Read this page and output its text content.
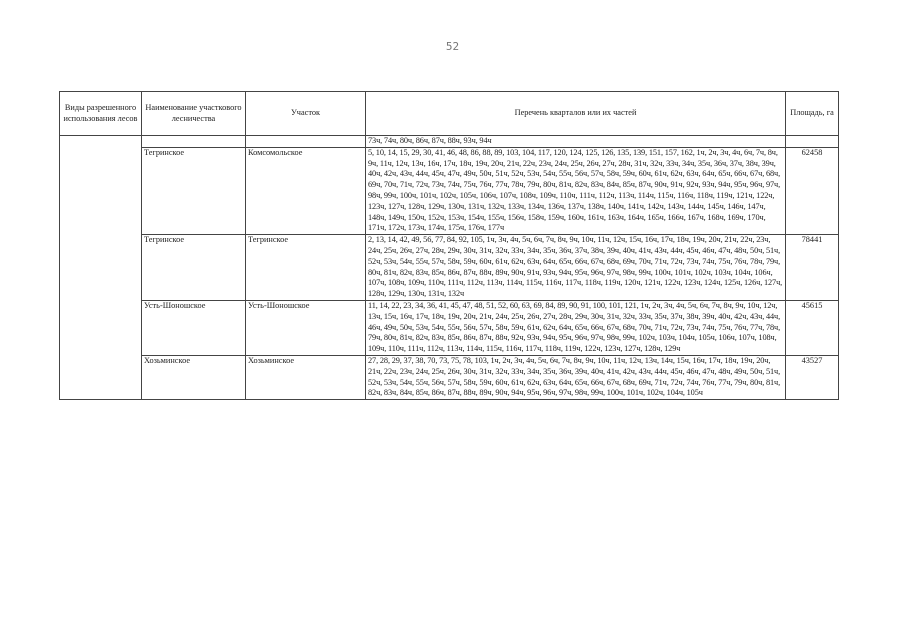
52
Виды разрешенного использования лесов	Наименование участкового лесничества	Участок	Перечень кварталов или их частей	Площадь, га
			73ч, 74ч, 80ч, 86ч, 87ч, 88ч, 93ч, 94ч	
	Тегринское	Комсомольское	5, 10, 14, 15, 29, 30, 41, 46, 48, 86, 88, 89, 103, 104, 117, 120, 124, 125, 126, 135, 139, 151, 157, 162, 1ч, 2ч, 3ч, 4ч, 6ч, 7ч, 8ч, 9ч, 11ч, 12ч, 13ч, 16ч, 17ч, 18ч, 19ч, 20ч, 21ч, 22ч, 23ч, 24ч, 25ч, 26ч, 27ч, 28ч, 31ч, 32ч, 33ч, 34ч, 35ч, 36ч, 37ч, 38ч, 39ч, 40ч, 42ч, 43ч, 44ч, 45ч, 47ч, 49ч, 50ч, 51ч, 52ч, 53ч, 54ч, 55ч, 56ч, 57ч, 58ч, 59ч, 60ч, 61ч, 62ч, 63ч, 64ч, 65ч, 66ч, 67ч, 68ч, 69ч, 70ч, 71ч, 72ч, 73ч, 74ч, 75ч, 76ч, 77ч, 78ч, 79ч, 80ч, 81ч, 82ч, 83ч, 84ч, 85ч, 87ч, 90ч, 91ч, 92ч, 93ч, 94ч, 95ч, 96ч, 97ч, 98ч, 99ч, 100ч, 101ч, 102ч, 105ч, 106ч, 107ч, 108ч, 109ч, 110ч, 111ч, 112ч, 113ч, 114ч, 115ч, 116ч, 118ч, 119ч, 121ч, 122ч, 123ч, 127ч, 128ч, 129ч, 130ч, 131ч, 132ч, 133ч, 134ч, 136ч, 137ч, 138ч, 140ч, 141ч, 142ч, 143ч, 144ч, 145ч, 146ч, 147ч, 148ч, 149ч, 150ч, 152ч, 153ч, 154ч, 155ч, 156ч, 158ч, 159ч, 160ч, 161ч, 163ч, 164ч, 165ч, 166ч, 167ч, 168ч, 169ч, 170ч, 171ч, 172ч, 173ч, 174ч, 175ч, 176ч, 177ч	62458
	Тегринское	Тегринское	2, 13, 14, 42, 49, 56, 77, 84, 92, 105, 1ч, 3ч, 4ч, 5ч, 6ч, 7ч, 8ч, 9ч, 10ч, 11ч, 12ч, 15ч, 16ч, 17ч, 18ч, 19ч, 20ч, 21ч, 22ч, 23ч, 24ч, 25ч, 26ч, 27ч, 28ч, 29ч, 30ч, 31ч, 32ч, 33ч, 34ч, 35ч, 36ч, 37ч, 38ч, 39ч, 40ч, 41ч, 43ч, 44ч, 45ч, 46ч, 47ч, 48ч, 50ч, 51ч, 52ч, 53ч, 54ч, 55ч, 57ч, 58ч, 59ч, 60ч, 61ч, 62ч, 63ч, 64ч, 65ч, 66ч, 67ч, 68ч, 69ч, 70ч, 71ч, 72ч, 73ч, 74ч, 75ч, 76ч, 78ч, 79ч, 80ч, 81ч, 82ч, 83ч, 85ч, 86ч, 87ч, 88ч, 89ч, 90ч, 91ч, 93ч, 94ч, 95ч, 96ч, 97ч, 98ч, 99ч, 100ч, 101ч, 102ч, 103ч, 104ч, 106ч, 107ч, 108ч, 109ч, 110ч, 111ч, 112ч, 113ч, 114ч, 115ч, 116ч, 117ч, 118ч, 119ч, 120ч, 121ч, 122ч, 123ч, 124ч, 125ч, 126ч, 127ч, 128ч, 129ч, 130ч, 131ч, 132ч	78441
	Усть-Шоношское	Усть-Шоношское	11, 14, 22, 23, 34, 36, 41, 45, 47, 48, 51, 52, 60, 63, 69, 84, 89, 90, 91, 100, 101, 121, 1ч, 2ч, 3ч, 4ч, 5ч, 6ч, 7ч, 8ч, 9ч, 10ч, 12ч, 13ч, 15ч, 16ч, 17ч, 18ч, 19ч, 20ч, 21ч, 24ч, 25ч, 26ч, 27ч, 28ч, 29ч, 30ч, 31ч, 32ч, 33ч, 35ч, 37ч, 38ч, 39ч, 40ч, 42ч, 43ч, 44ч, 46ч, 49ч, 50ч, 53ч, 54ч, 55ч, 56ч, 57ч, 58ч, 59ч, 61ч, 62ч, 64ч, 65ч, 66ч, 67ч, 68ч, 70ч, 71ч, 72ч, 73ч, 74ч, 75ч, 76ч, 77ч, 78ч, 79ч, 80ч, 81ч, 82ч, 83ч, 85ч, 86ч, 87ч, 88ч, 92ч, 93ч, 94ч, 95ч, 96ч, 97ч, 98ч, 99ч, 102ч, 103ч, 104ч, 105ч, 106ч, 107ч, 108ч, 109ч, 110ч, 111ч, 112ч, 113ч, 114ч, 115ч, 116ч, 117ч, 118ч, 119ч, 122ч, 123ч, 127ч, 128ч, 129ч	45615
	Хозьминское	Хозьминское	27, 28, 29, 37, 38, 70, 73, 75, 78, 103, 1ч, 2ч, 3ч, 4ч, 5ч, 6ч, 7ч, 8ч, 9ч, 10ч, 11ч, 12ч, 13ч, 14ч, 15ч, 16ч, 17ч, 18ч, 19ч, 20ч, 21ч, 22ч, 23ч, 24ч, 25ч, 26ч, 30ч, 31ч, 32ч, 33ч, 34ч, 35ч, 36ч, 39ч, 40ч, 41ч, 42ч, 43ч, 44ч, 45ч, 46ч, 47ч, 48ч, 49ч, 50ч, 51ч, 52ч, 53ч, 54ч, 55ч, 56ч, 57ч, 58ч, 59ч, 60ч, 61ч, 62ч, 63ч, 64ч, 65ч, 66ч, 67ч, 68ч, 69ч, 71ч, 72ч, 74ч, 76ч, 77ч, 79ч, 80ч, 81ч, 82ч, 83ч, 84ч, 85ч, 86ч, 87ч, 88ч, 89ч, 90ч, 94ч, 95ч, 96ч, 97ч, 98ч, 99ч, 100ч, 101ч, 102ч, 104ч, 105ч	43527
